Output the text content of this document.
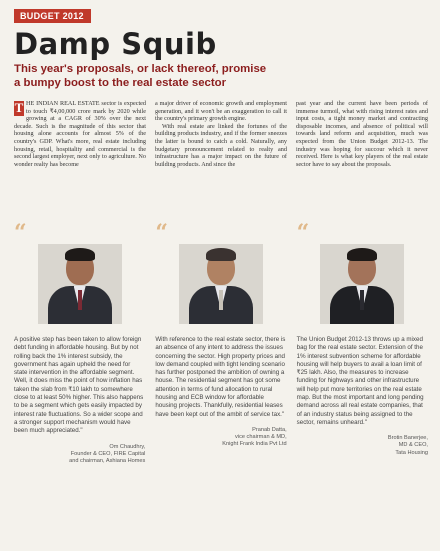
BUDGET 2012
Damp Squib
This year's proposals, or lack thereof, promise
a bumpy boost to the real estate sector
T HE INDIAN REAL ESTATE sector is expected to touch ₹4,00,000 crore mark by 2020 while growing at a CAGR of 30% over the next decade. Such is the magnitude of this sector that housing alone accounts for almost 5% of the country's GDP. What's more, real estate including housing, retail, hospitality and commercial is the second largest employer, next only to agriculture. No wonder realty has become

a major driver of economic growth and employment generation, and it won't be an exaggeration to call it the country's primary growth engine.

With real estate are linked the fortunes of the building products industry, and if the former sneezes the latter is bound to catch a cold. Naturally, any budgetary pronouncement related to realty and infrastructure has a major impact on the future of building products. And since the

past year and the current have been periods of immense turmoil, what with rising interest rates and input costs, a tight money market and contracting disposable incomes, and absence of political will towards land reform and acquisition, much was expected from the Union Budget 2012-13. The industry was hoping for succour which it never received. Here is what key players of the real estate sector have to say about the proposals.

“
A positive step has been taken to allow foreign debt funding in affordable housing. But by not rolling back the 1% interest subsidy, the government has again upheld the need for state intervention in the affordable segment. Well, it does miss the point of how inflation has taken the slab from ₹10 lakh to somewhere close to at least 50% higher. This also happens to be a segment which gets easily impacted by interest rate fluctuations. So a wider scope and a stronger support mechanism would have been much appreciated."
Om Chaudhry,
Founder & CEO, FIRE Capital
and chairman, Ashiana Homes
“
With reference to the real estate sector, there is an absence of any intent to address the issues concerning the sector. High property prices and low demand coupled with tight lending scenario has further postponed the ambition of owning a house. The residential segment has got some attention in terms of fund allocation to rural housing and ECB window for affordable housing projects. Thankfully, residential leases have been kept out of the ambit of service tax."
Pranab Datta,
vice chairman & MD,
Knight Frank India Pvt Ltd
“
The Union Budget 2012-13 throws up a mixed bag for the real estate sector. Extension of the 1% interest subvention scheme for affordable housing will help buyers to avail a loan limit of ₹25 lakh. Also, the measures to increase funding for highways and other infrastructure will help put more territories on the real estate map. But the most important and long pending demand across all real estate companies, that of an industry status being assigned to the sector, remains unheard."
Brotin Banerjee,
MD & CEO,
Tata Housing
